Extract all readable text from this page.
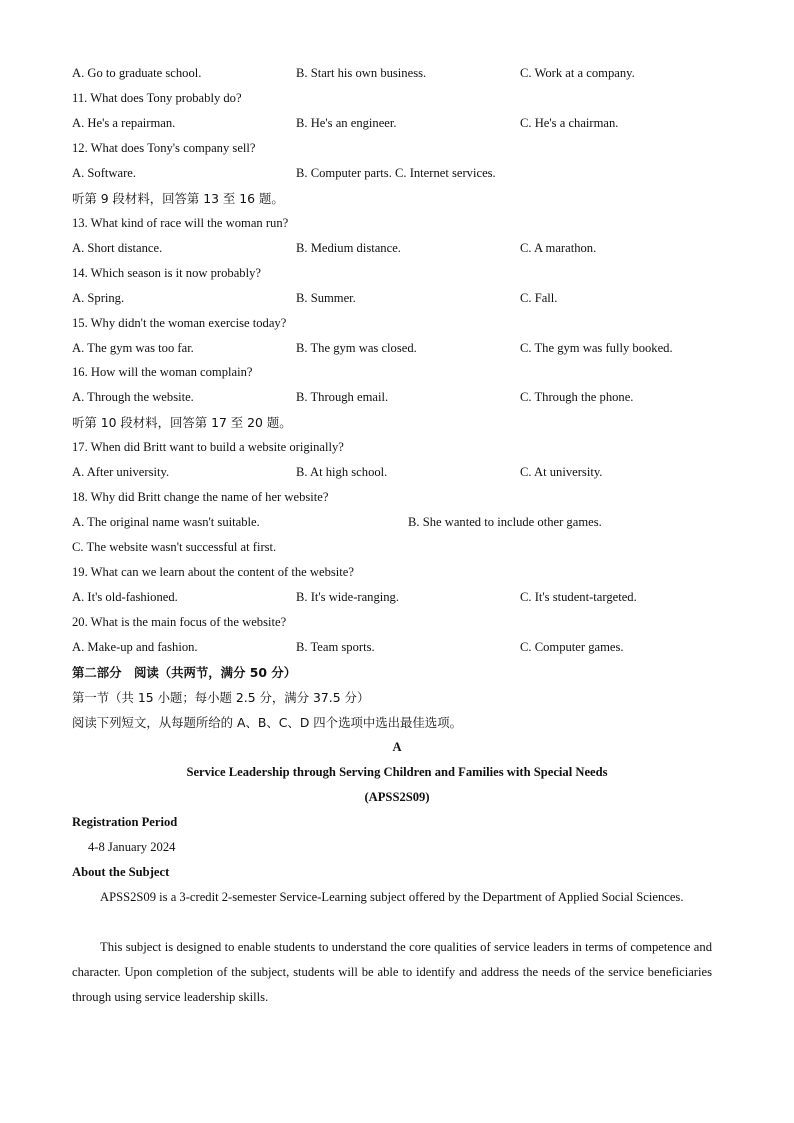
A. Go to graduate school.	B. Start his own business.	C. Work at a company.
11. What does Tony probably do?
A. He's a repairman.	B. He's an engineer.	C. He's a chairman.
12. What does Tony's company sell?
A. Software.	B. Computer parts. C. Internet services.
听第 9 段材料，回答第 13 至 16 题。
13. What kind of race will the woman run?
A. Short distance.	B. Medium distance.	C. A marathon.
14. Which season is it now probably?
A. Spring.	B. Summer.	C. Fall.
15. Why didn't the woman exercise today?
A. The gym was too far.	B. The gym was closed.	C. The gym was fully booked.
16. How will the woman complain?
A. Through the website.	B. Through email.	C. Through the phone.
听第 10 段材料，回答第 17 至 20 题。
17. When did Britt want to build a website originally?
A. After university.	B. At high school.	C. At university.
18. Why did Britt change the name of her website?
A. The original name wasn't suitable.	B. She wanted to include other games.
C. The website wasn't successful at first.
19. What can we learn about the content of the website?
A. It's old-fashioned.	B. It's wide-ranging.	C. It's student-targeted.
20. What is the main focus of the website?
A. Make-up and fashion.	B. Team sports.	C. Computer games.
第二部分　阅读（共两节，满分 50 分）
第一节（共 15 小题；每小题 2.5 分，满分 37.5 分）
阅读下列短文，从每题所给的 A、B、C、D 四个选项中选出最佳选项。
A
Service Leadership through Serving Children and Families with Special Needs
(APSS2S09)
Registration Period
4-8 January 2024
About the Subject
APSS2S09 is a 3-credit 2-semester Service-Learning subject offered by the Department of Applied Social Sciences.
This subject is designed to enable students to understand the core qualities of service leaders in terms of competence and character. Upon completion of the subject, students will be able to identify and address the needs of the service beneficiaries through using service leadership skills.
